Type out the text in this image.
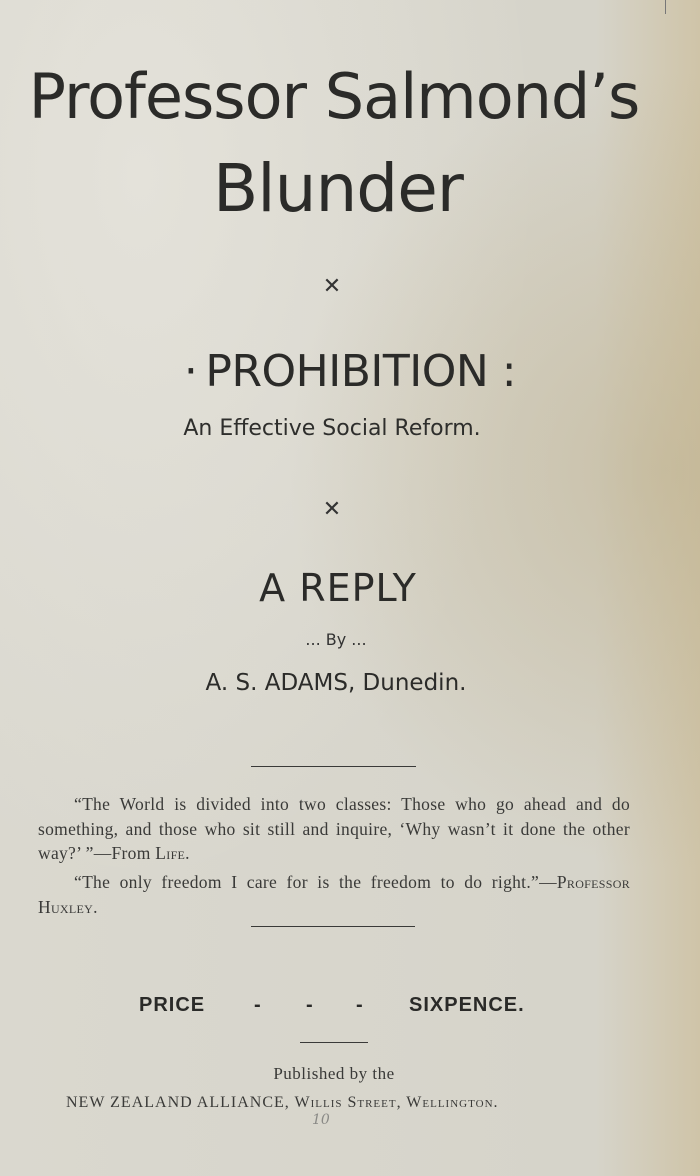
Professor Salmond’s
Blunder
✕
· PROHIBITION :
An Effective Social Reform.
✕
A REPLY
... By ...
A. S. ADAMS, Dunedin.
“The World is divided into two classes: Those who go ahead and do something, and those who sit still and inquire, ‘Why wasn’t it done the other way?’ ”—From Life.
“The only freedom I care for is the freedom to do right.”—Professor Huxley.
PRICE - - - SIXPENCE.
Published by the
NEW ZEALAND ALLIANCE, Willis Street, Wellington.
10
